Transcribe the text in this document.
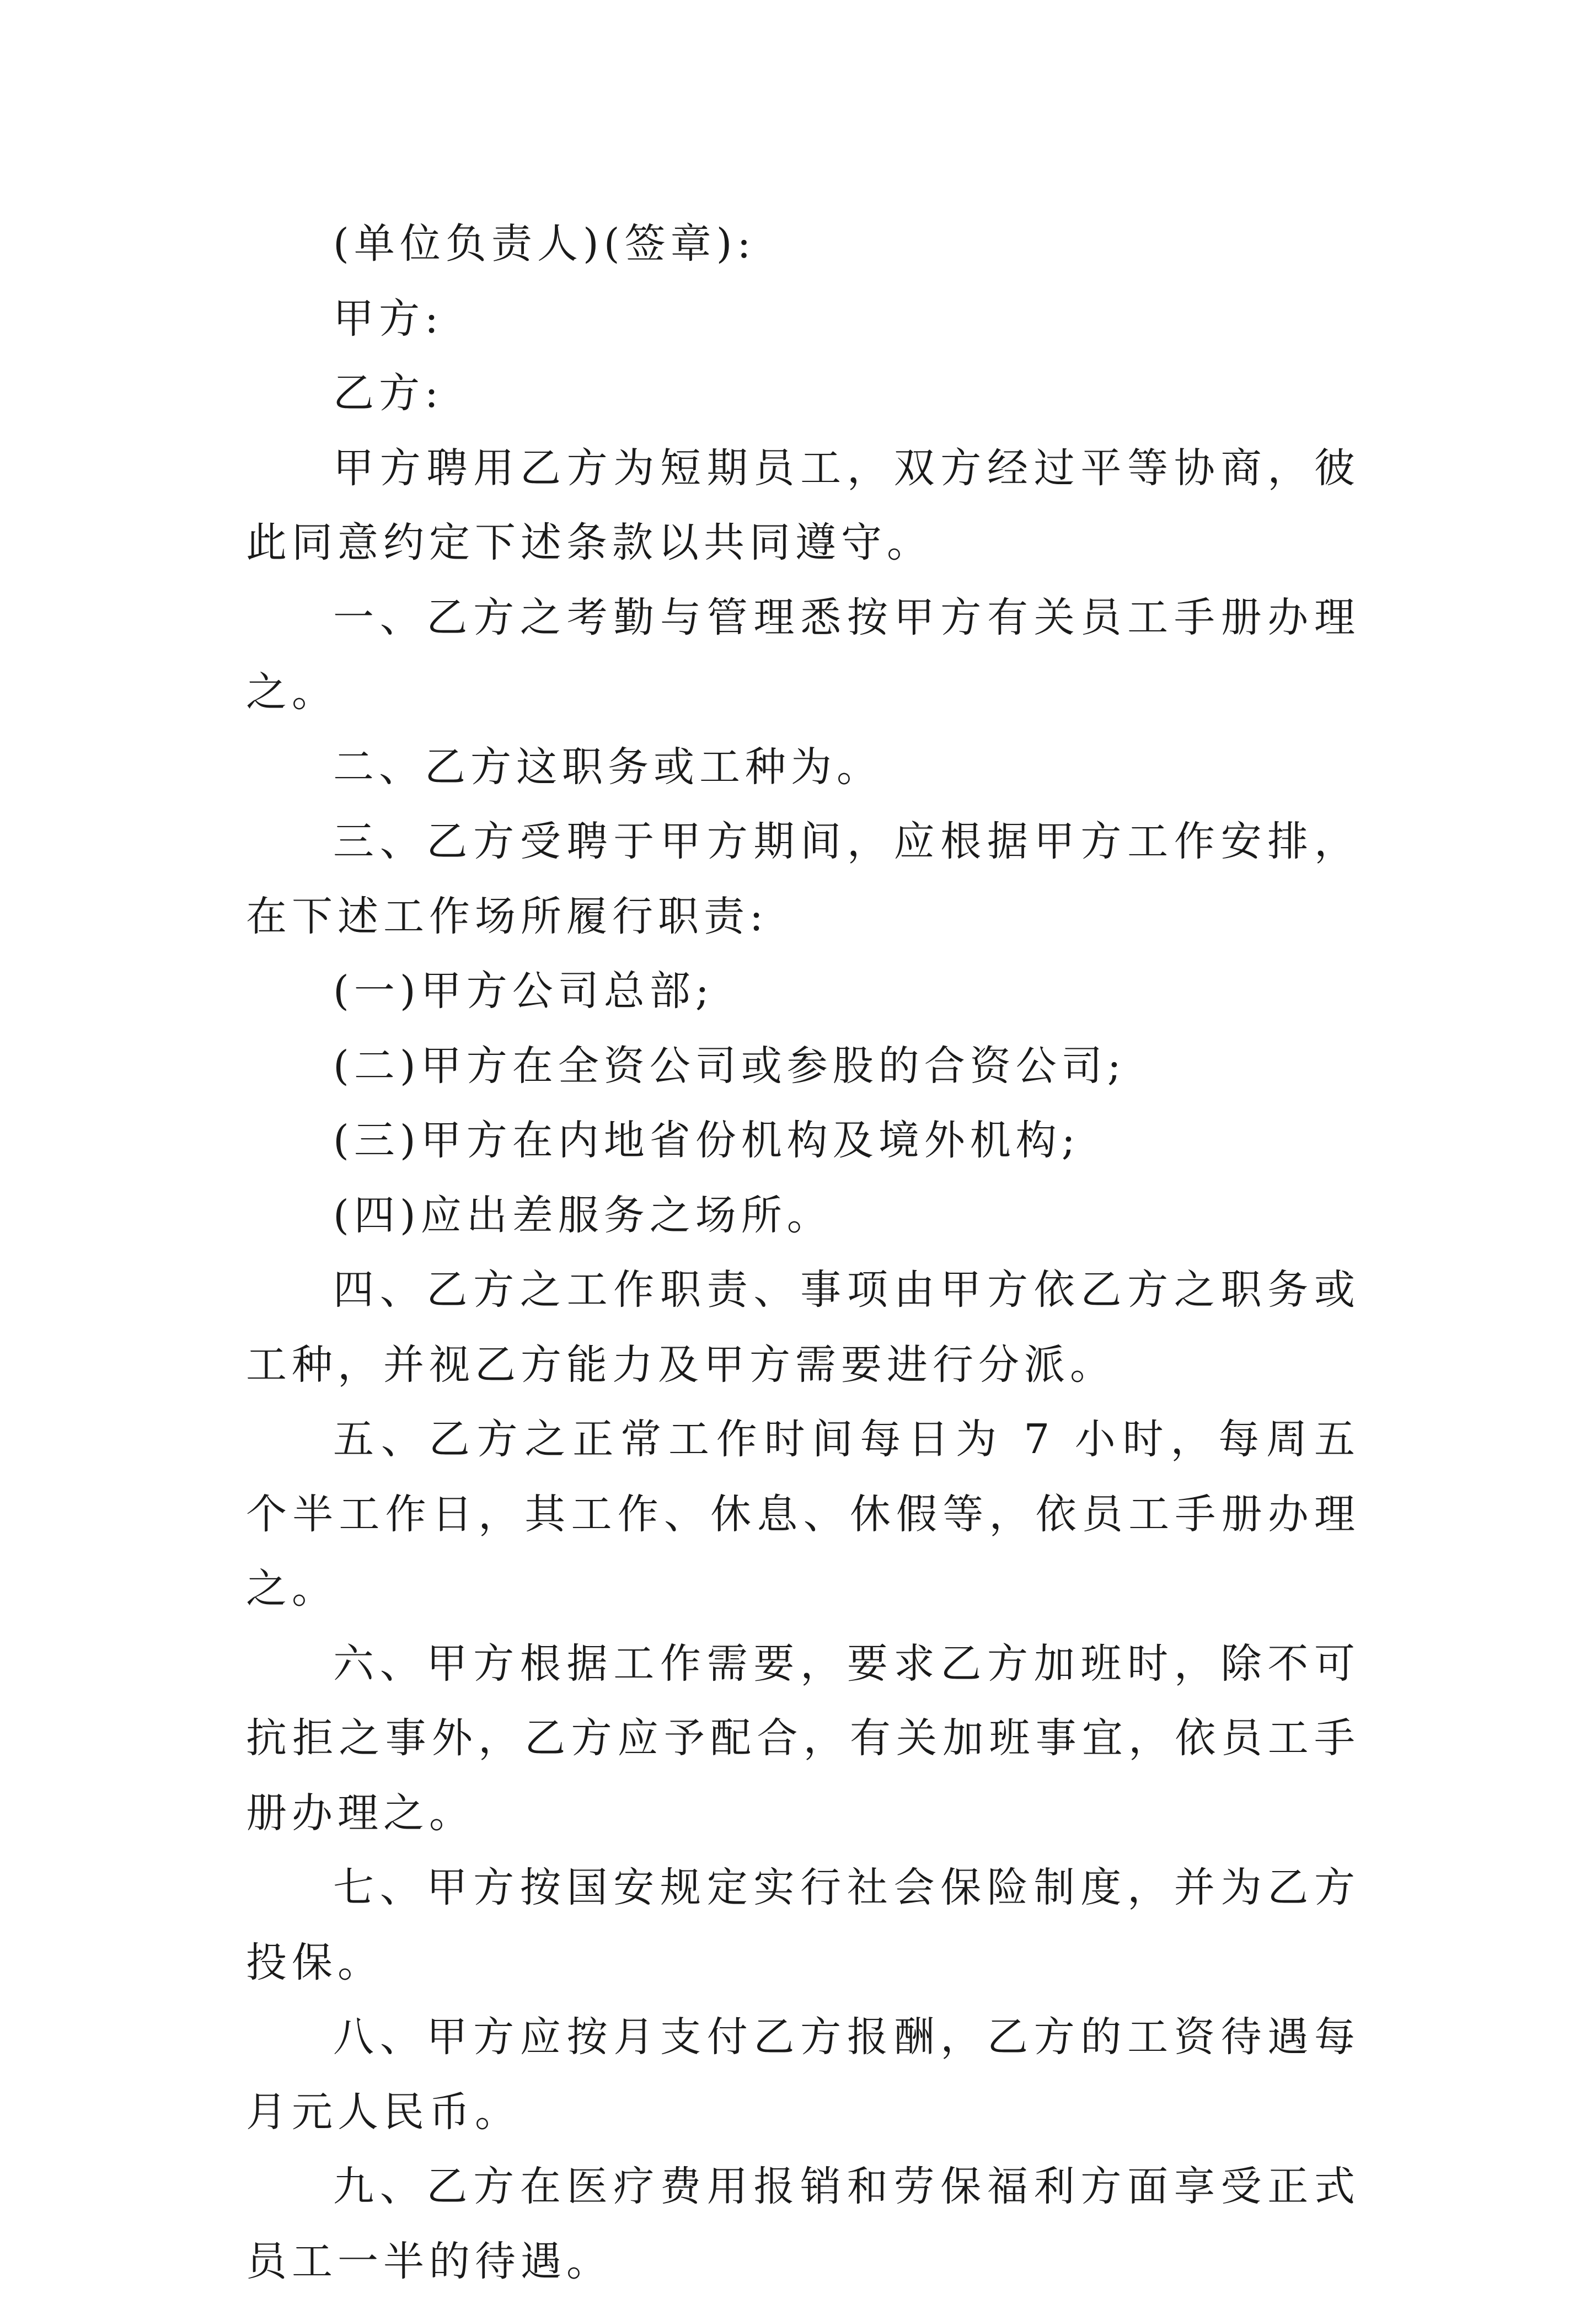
(单位负责人)(签章):

甲方:

乙方:

甲方聘用乙方为短期员工，双方经过平等协商，彼此同意约定下述条款以共同遵守。

一、乙方之考勤与管理悉按甲方有关员工手册办理之。

二、乙方这职务或工种为。

三、乙方受聘于甲方期间，应根据甲方工作安排，在下述工作场所履行职责:

(一)甲方公司总部;

(二)甲方在全资公司或参股的合资公司;

(三)甲方在内地省份机构及境外机构;

(四)应出差服务之场所。

四、乙方之工作职责、事项由甲方依乙方之职务或工种，并视乙方能力及甲方需要进行分派。

五、乙方之正常工作时间每日为 7 小时，每周五个半工作日，其工作、休息、休假等，依员工手册办理之。

六、甲方根据工作需要，要求乙方加班时，除不可抗拒之事外，乙方应予配合，有关加班事宜，依员工手册办理之。

七、甲方按国安规定实行社会保险制度，并为乙方投保。

八、甲方应按月支付乙方报酬，乙方的工资待遇每月元人民币。

九、乙方在医疗费用报销和劳保福利方面享受正式员工一半的待遇。
